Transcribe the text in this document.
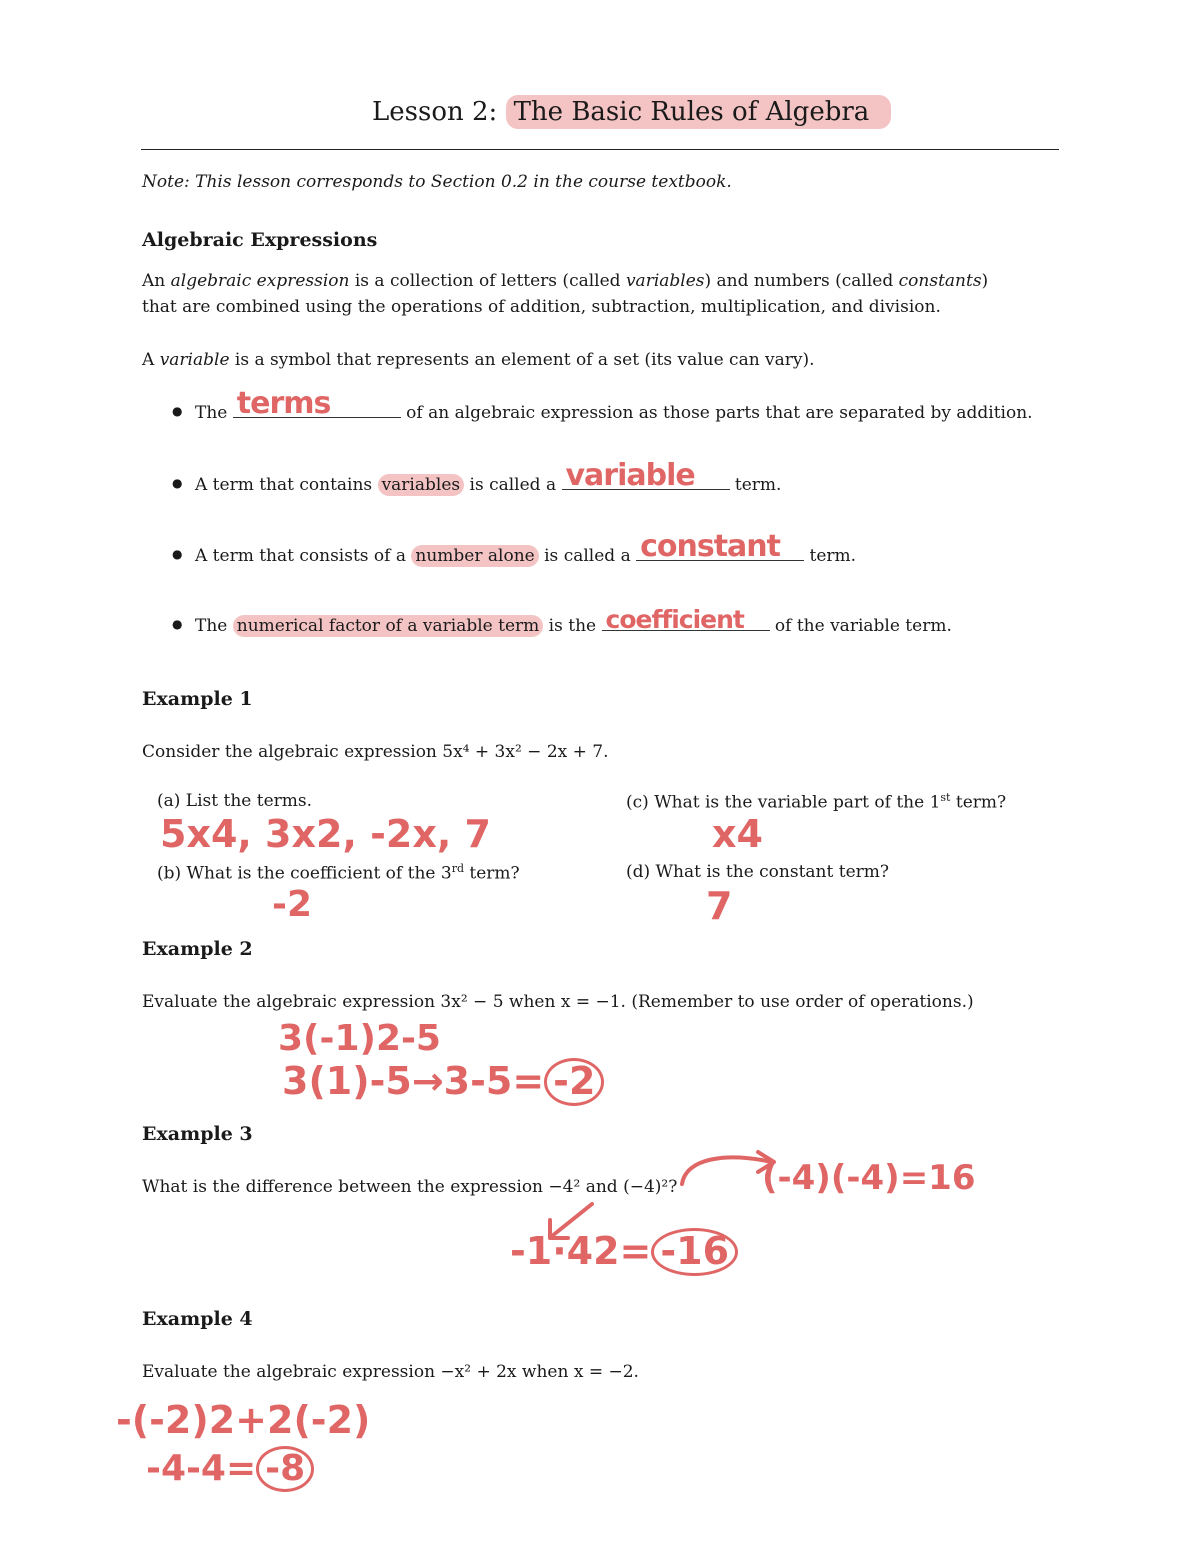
Lesson 2: The Basic Rules of Algebra
Note: This lesson corresponds to Section 0.2 in the course textbook.
Algebraic Expressions
An algebraic expression is a collection of letters (called variables) and numbers (called constants)
that are combined using the operations of addition, subtraction, multiplication, and division.
A variable is a symbol that represents an element of a set (its value can vary).
● The terms	of an algebraic expression as those parts that are separated by addition.
● A term that contains variables is called a variable term.
● A term that consists of a number alone is called a constant term.
● The numerical factor of a variable term is the coefficient of the variable term.
Example 1
Consider the algebraic expression 5x⁴ + 3x² − 2x + 7.
(a) List the terms.
(b) What is the coefficient of the 3rd term?
(c) What is the variable part of the 1st term?
(d) What is the constant term?
5x4, 3x2, -2x, 7
-2
x4
7
Example 2
Evaluate the algebraic expression 3x² − 5 when x = −1. (Remember to use order of operations.)
3(-1)2-5
3(1)-5→3-5= -2
Example 3
What is the difference between the expression −4² and (−4)²? (-4)(-4)=16
-1·42= -16
Example 4
Evaluate the algebraic expression −x² + 2x when x = −2.
-(-2)2+2(-2)
-4-4= -8
